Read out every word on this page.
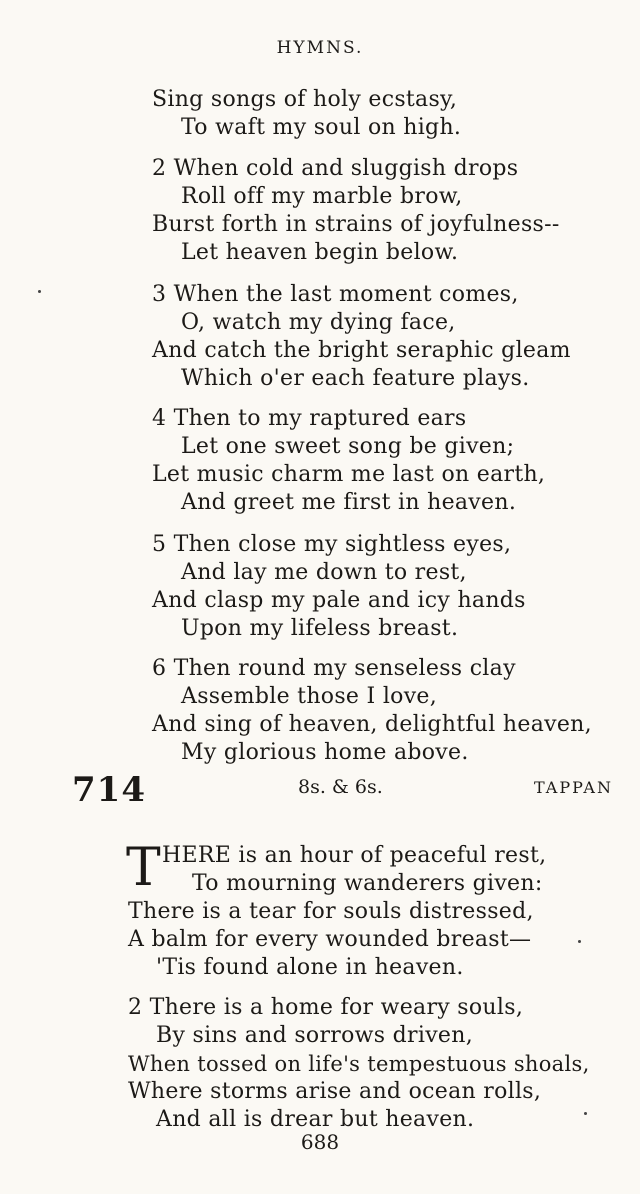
HYMNS.
Sing songs of holy ecstasy,
To waft my soul on high.
2 When cold and sluggish drops
Roll off my marble brow,
Burst forth in strains of joyfulness--
Let heaven begin below.
3 When the last moment comes,
O, watch my dying face,
And catch the bright seraphic gleam
Which o'er each feature plays.
4 Then to my raptured ears
Let one sweet song be given;
Let music charm me last on earth,
And greet me first in heaven.
5 Then close my sightless eyes,
And lay me down to rest,
And clasp my pale and icy hands
Upon my lifeless breast.
6 Then round my senseless clay
Assemble those I love,
And sing of heaven, delightful heaven,
My glorious home above.
714	8s. & 6s.	TAPPAN
T HERE is an hour of peaceful rest,
To mourning wanderers given:
There is a tear for souls distressed,
A balm for every wounded breast—
'Tis found alone in heaven.
2 There is a home for weary souls,
By sins and sorrows driven,
When tossed on life's tempestuous shoals,
Where storms arise and ocean rolls,
And all is drear but heaven.
688
